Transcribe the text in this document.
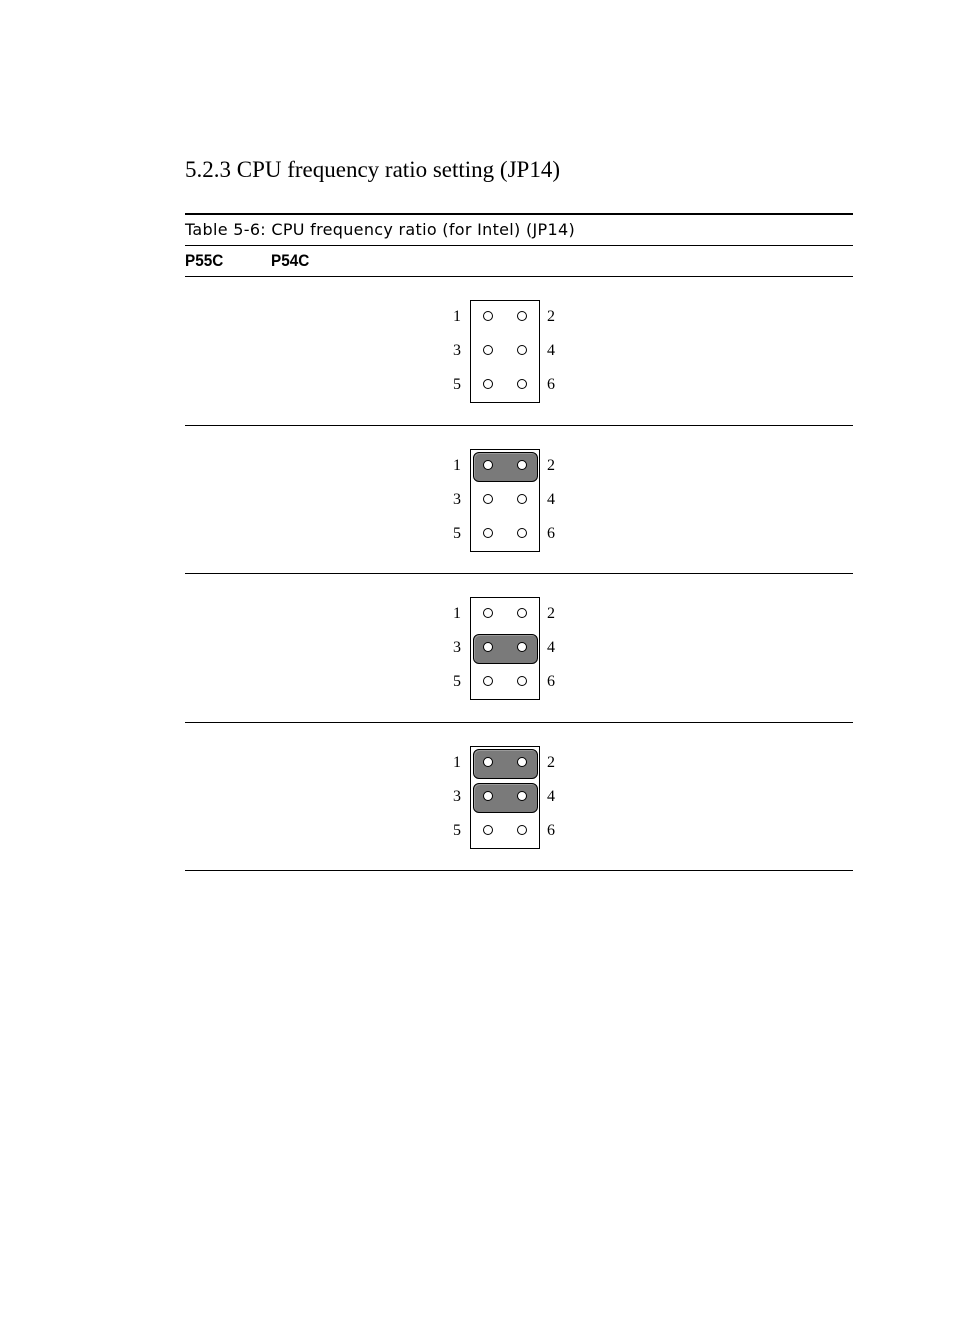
5.2.3 CPU frequency ratio setting (JP14)
Table 5-6: CPU frequency ratio (for Intel) (JP14)
P55C	P54C
1	2
3	4
5	6
1	2
3	4
5	6
1	2
3	4
5	6
1	2
3	4
5	6
